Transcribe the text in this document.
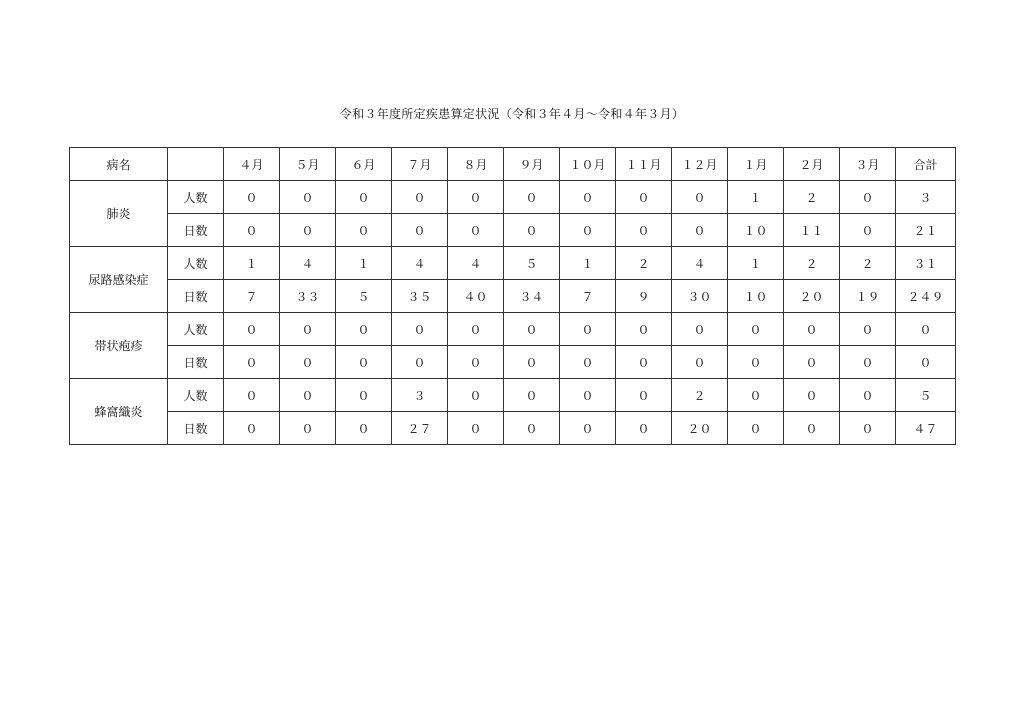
令和３年度所定疾患算定状況（令和３年４月～令和４年３月）
病名		４月	５月	６月	７月	８月	９月	１０月	１１月	１２月	１月	２月	３月	合計
肺炎	人数	０	０	０	０	０	０	０	０	０	１	２	０	３
	日数	０	０	０	０	０	０	０	０	０	１０	１１	０	２１
尿路感染症	人数	１	４	１	４	４	５	１	２	４	１	２	２	３１
	日数	７	３３	５	３５	４０	３４	７	９	３０	１０	２０	１９	２４９
帯状疱疹	人数	０	０	０	０	０	０	０	０	０	０	０	０	０
	日数	０	０	０	０	０	０	０	０	０	０	０	０	０
蜂窩織炎	人数	０	０	０	３	０	０	０	０	２	０	０	０	５
	日数	０	０	０	２７	０	０	０	０	２０	０	０	０	４７
